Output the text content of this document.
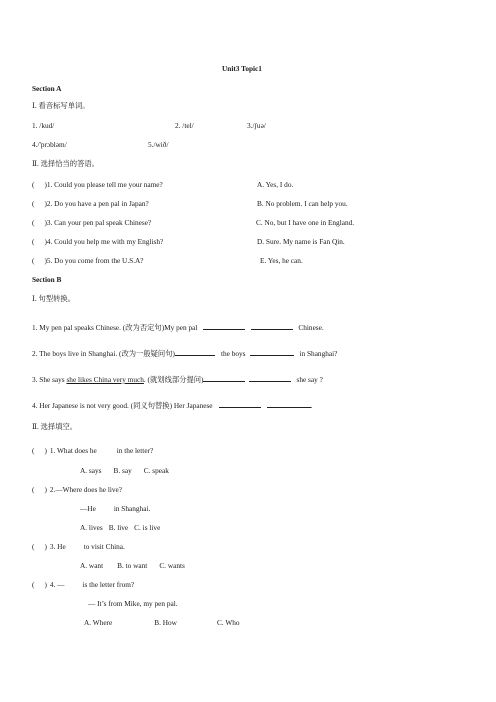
Unit3 Topic1
Section A
Ⅰ. 看音标写单词。
1. /kud/	2. /tel/	3./ʃuə/
4./'prɔbləm/	5./wið/
Ⅱ. 选择恰当的答语。
( )1. Could you please tell me your name?	A. Yes, I do.
( )2. Do you have a pen pal in Japan?	B. No problem. I can help you.
( )3. Can your pen pal speak Chinese?	C. No, but I have one in England.
( )4. Could you help me with my English?	D. Sure. My name is Fan Qin.
( )5. Do you come from the U.S.A?	E. Yes, he can.
Section B
Ⅰ. 句型转换。
1. My pen pal speaks Chinese. (改为否定句)My pen pal	Chinese.
2. The boys live in Shanghai. (改为一般疑问句)	the boys	in Shanghai?
3. She says she likes China very much. (就划线部分提问)	she say ?
4. Her Japanese is not very good. (同义句替换) Her Japanese	.
Ⅱ. 选择填空。
( ) 1. What does he	in the letter?
A. says B. say C. speak
( ) 2.—Where does he live?
—He in Shanghai.
A. lives B. live C. is live
( ) 3. He to visit China.
A. want B. to want C. wants
( ) 4. — is the letter from?
— It’s from Mike, my pen pal.
A. Where	B. How	C. Who
